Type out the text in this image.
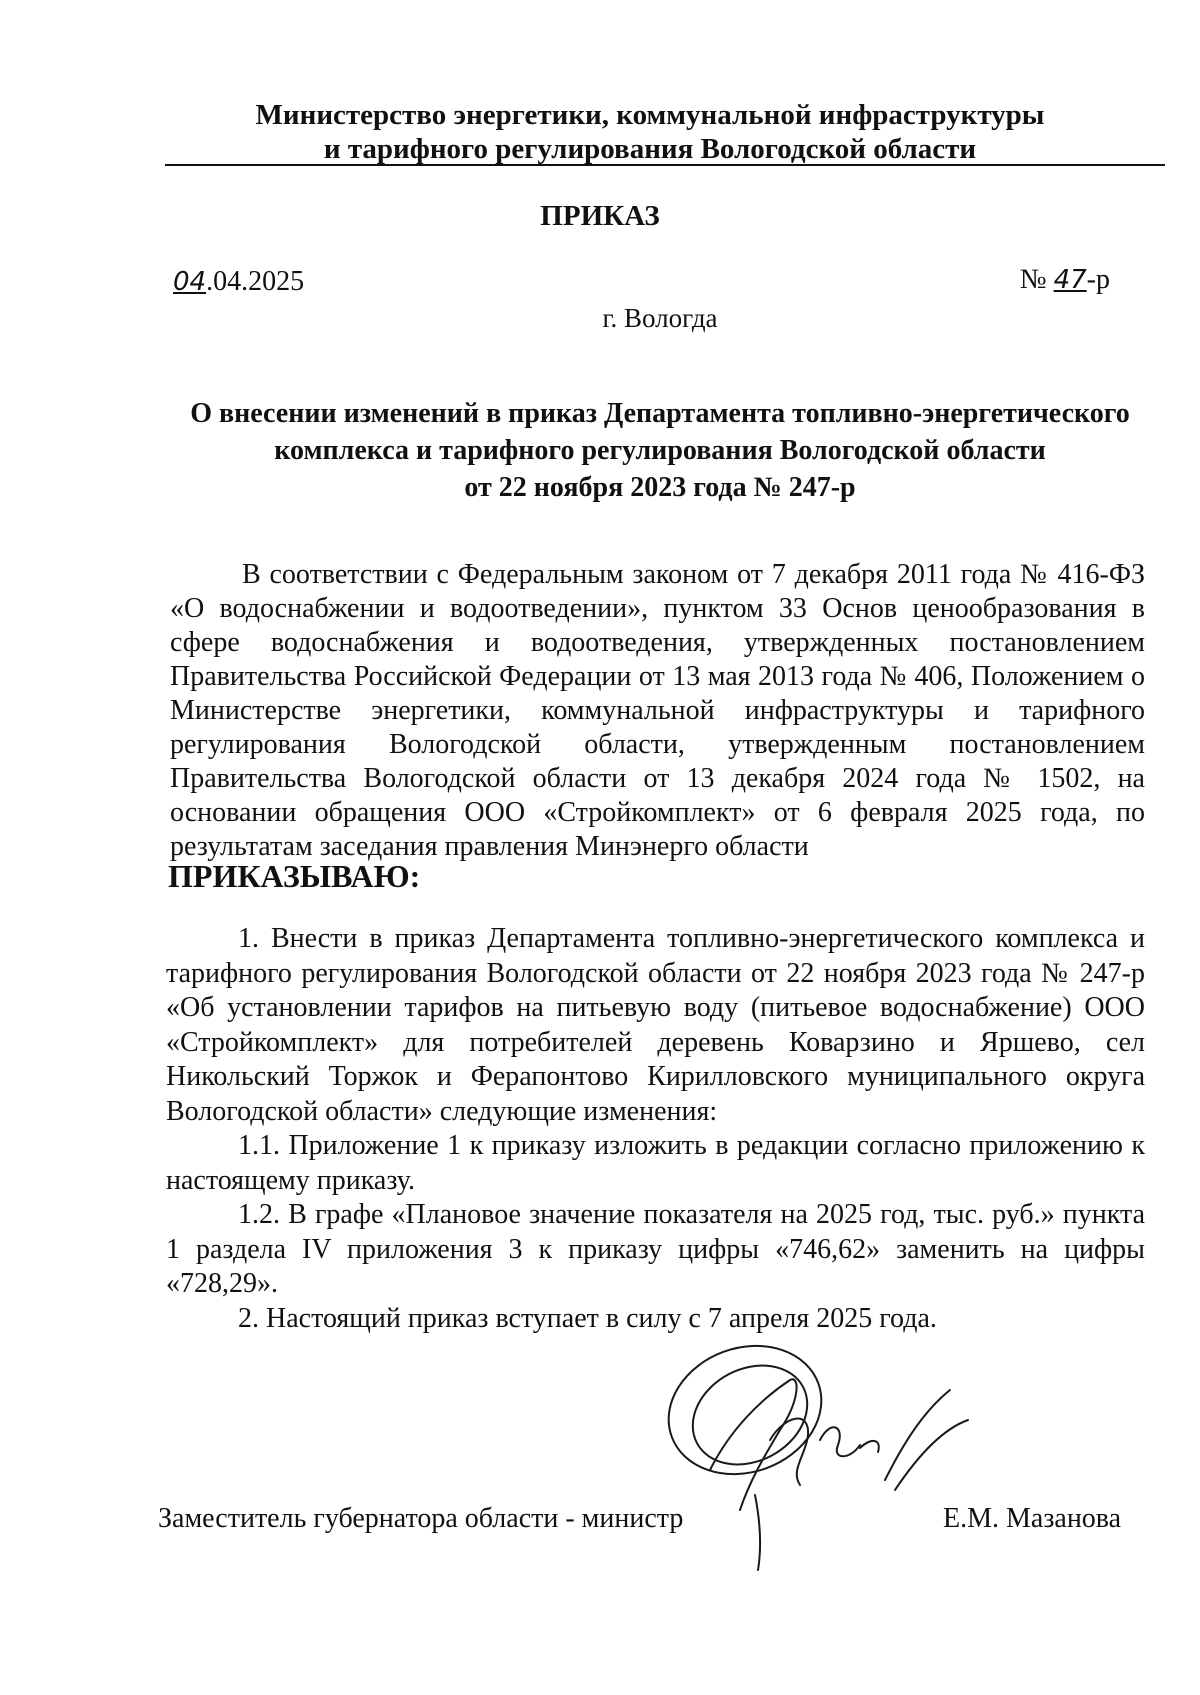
Министерство энергетики, коммунальной инфраструктуры
и тарифного регулирования Вологодской области
ПРИКАЗ
04.04.2025	№ 47-р
г. Вологда
О внесении изменений в приказ Департамента топливно-энергетического
комплекса и тарифного регулирования Вологодской области
от 22 ноября 2023 года № 247-р

В соответствии с Федеральным законом от 7 декабря 2011 года № 416-ФЗ «О водоснабжении и водоотведении», пунктом 33 Основ ценообразования в сфере водоснабжения и водоотведения, утвержденных постановлением Правительства Российской Федерации от 13 мая 2013 года № 406, Положением о Министерстве энергетики, коммунальной инфраструктуры и тарифного регулирования Вологодской области, утвержденным постановлением Правительства Вологодской области от 13 декабря 2024 года № 1502, на основании обращения ООО «Стройкомплект» от 6 февраля 2025 года, по результатам заседания правления Минэнерго области

ПРИКАЗЫВАЮ:

1. Внести в приказ Департамента топливно-энергетического комплекса и тарифного регулирования Вологодской области от 22 ноября 2023 года № 247-р «Об установлении тарифов на питьевую воду (питьевое водоснабжение) ООО «Стройкомплект» для потребителей деревень Коварзино и Яршево, сел Никольский Торжок и Ферапонтово Кирилловского муниципального округа Вологодской области» следующие изменения:

1.1. Приложение 1 к приказу изложить в редакции согласно приложению к настоящему приказу.

1.2. В графе «Плановое значение показателя на 2025 год, тыс. руб.» пункта 1 раздела IV приложения 3 к приказу цифры «746,62» заменить на цифры «728,29».

2. Настоящий приказ вступает в силу с 7 апреля 2025 года.

Заместитель губернатора области - министр	Е.М. Мазанова
